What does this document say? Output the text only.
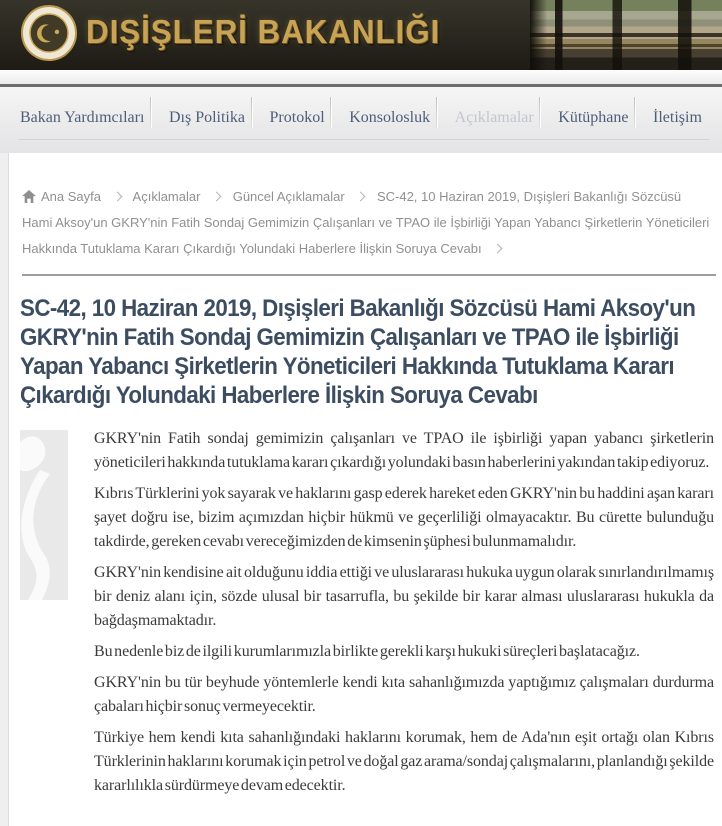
DIŞİŞLERİ BAKANLIĞI
Bakan Yardımcıları Dış Politika Protokol Konsolosluk Açıklamalar Kütüphane İletişim
Ana Sayfa Açıklamalar Güncel Açıklamalar SC-42, 10 Haziran 2019, Dışişleri Bakanlığı Sözcüsü Hami Aksoy'un GKRY'nin Fatih Sondaj Gemimizin Çalışanları ve TPAO ile İşbirliği Yapan Yabancı Şirketlerin Yöneticileri Hakkında Tutuklama Kararı Çıkardığı Yolundaki Haberlere İlişkin Soruya Cevabı
SC-42, 10 Haziran 2019, Dışişleri Bakanlığı Sözcüsü Hami Aksoy'un GKRY'nin Fatih Sondaj Gemimizin Çalışanları ve TPAO ile İşbirliği Yapan Yabancı Şirketlerin Yöneticileri Hakkında Tutuklama Kararı Çıkardığı Yolundaki Haberlere İlişkin Soruya Cevabı

GKRY'nin Fatih sondaj gemimizin çalışanları ve TPAO ile işbirliği yapan yabancı şirketlerin yöneticileri hakkında tutuklama kararı çıkardığı yolundaki basın haberlerini yakından takip ediyoruz.

Kıbrıs Türklerini yok sayarak ve haklarını gasp ederek hareket eden GKRY'nin bu haddini aşan kararı şayet doğru ise, bizim açımızdan hiçbir hükmü ve geçerliliği olmayacaktır. Bu cürette bulunduğu takdirde, gereken cevabı vereceğimizden de kimsenin şüphesi bulunmamalıdır.

GKRY'nin kendisine ait olduğunu iddia ettiği ve uluslararası hukuka uygun olarak sınırlandırılmamış bir deniz alanı için, sözde ulusal bir tasarrufla, bu şekilde bir karar alması uluslararası hukukla da bağdaşmamaktadır.

Bu nedenle biz de ilgili kurumlarımızla birlikte gerekli karşı hukuki süreçleri başlatacağız.

GKRY'nin bu tür beyhude yöntemlerle kendi kıta sahanlığımızda yaptığımız çalışmaları durdurma çabaları hiçbir sonuç vermeyecektir.

Türkiye hem kendi kıta sahanlığındaki haklarını korumak, hem de Ada'nın eşit ortağı olan Kıbrıs Türklerinin haklarını korumak için petrol ve doğal gaz arama/sondaj çalışmalarını, planlandığı şekilde kararlılıkla sürdürmeye devam edecektir.
